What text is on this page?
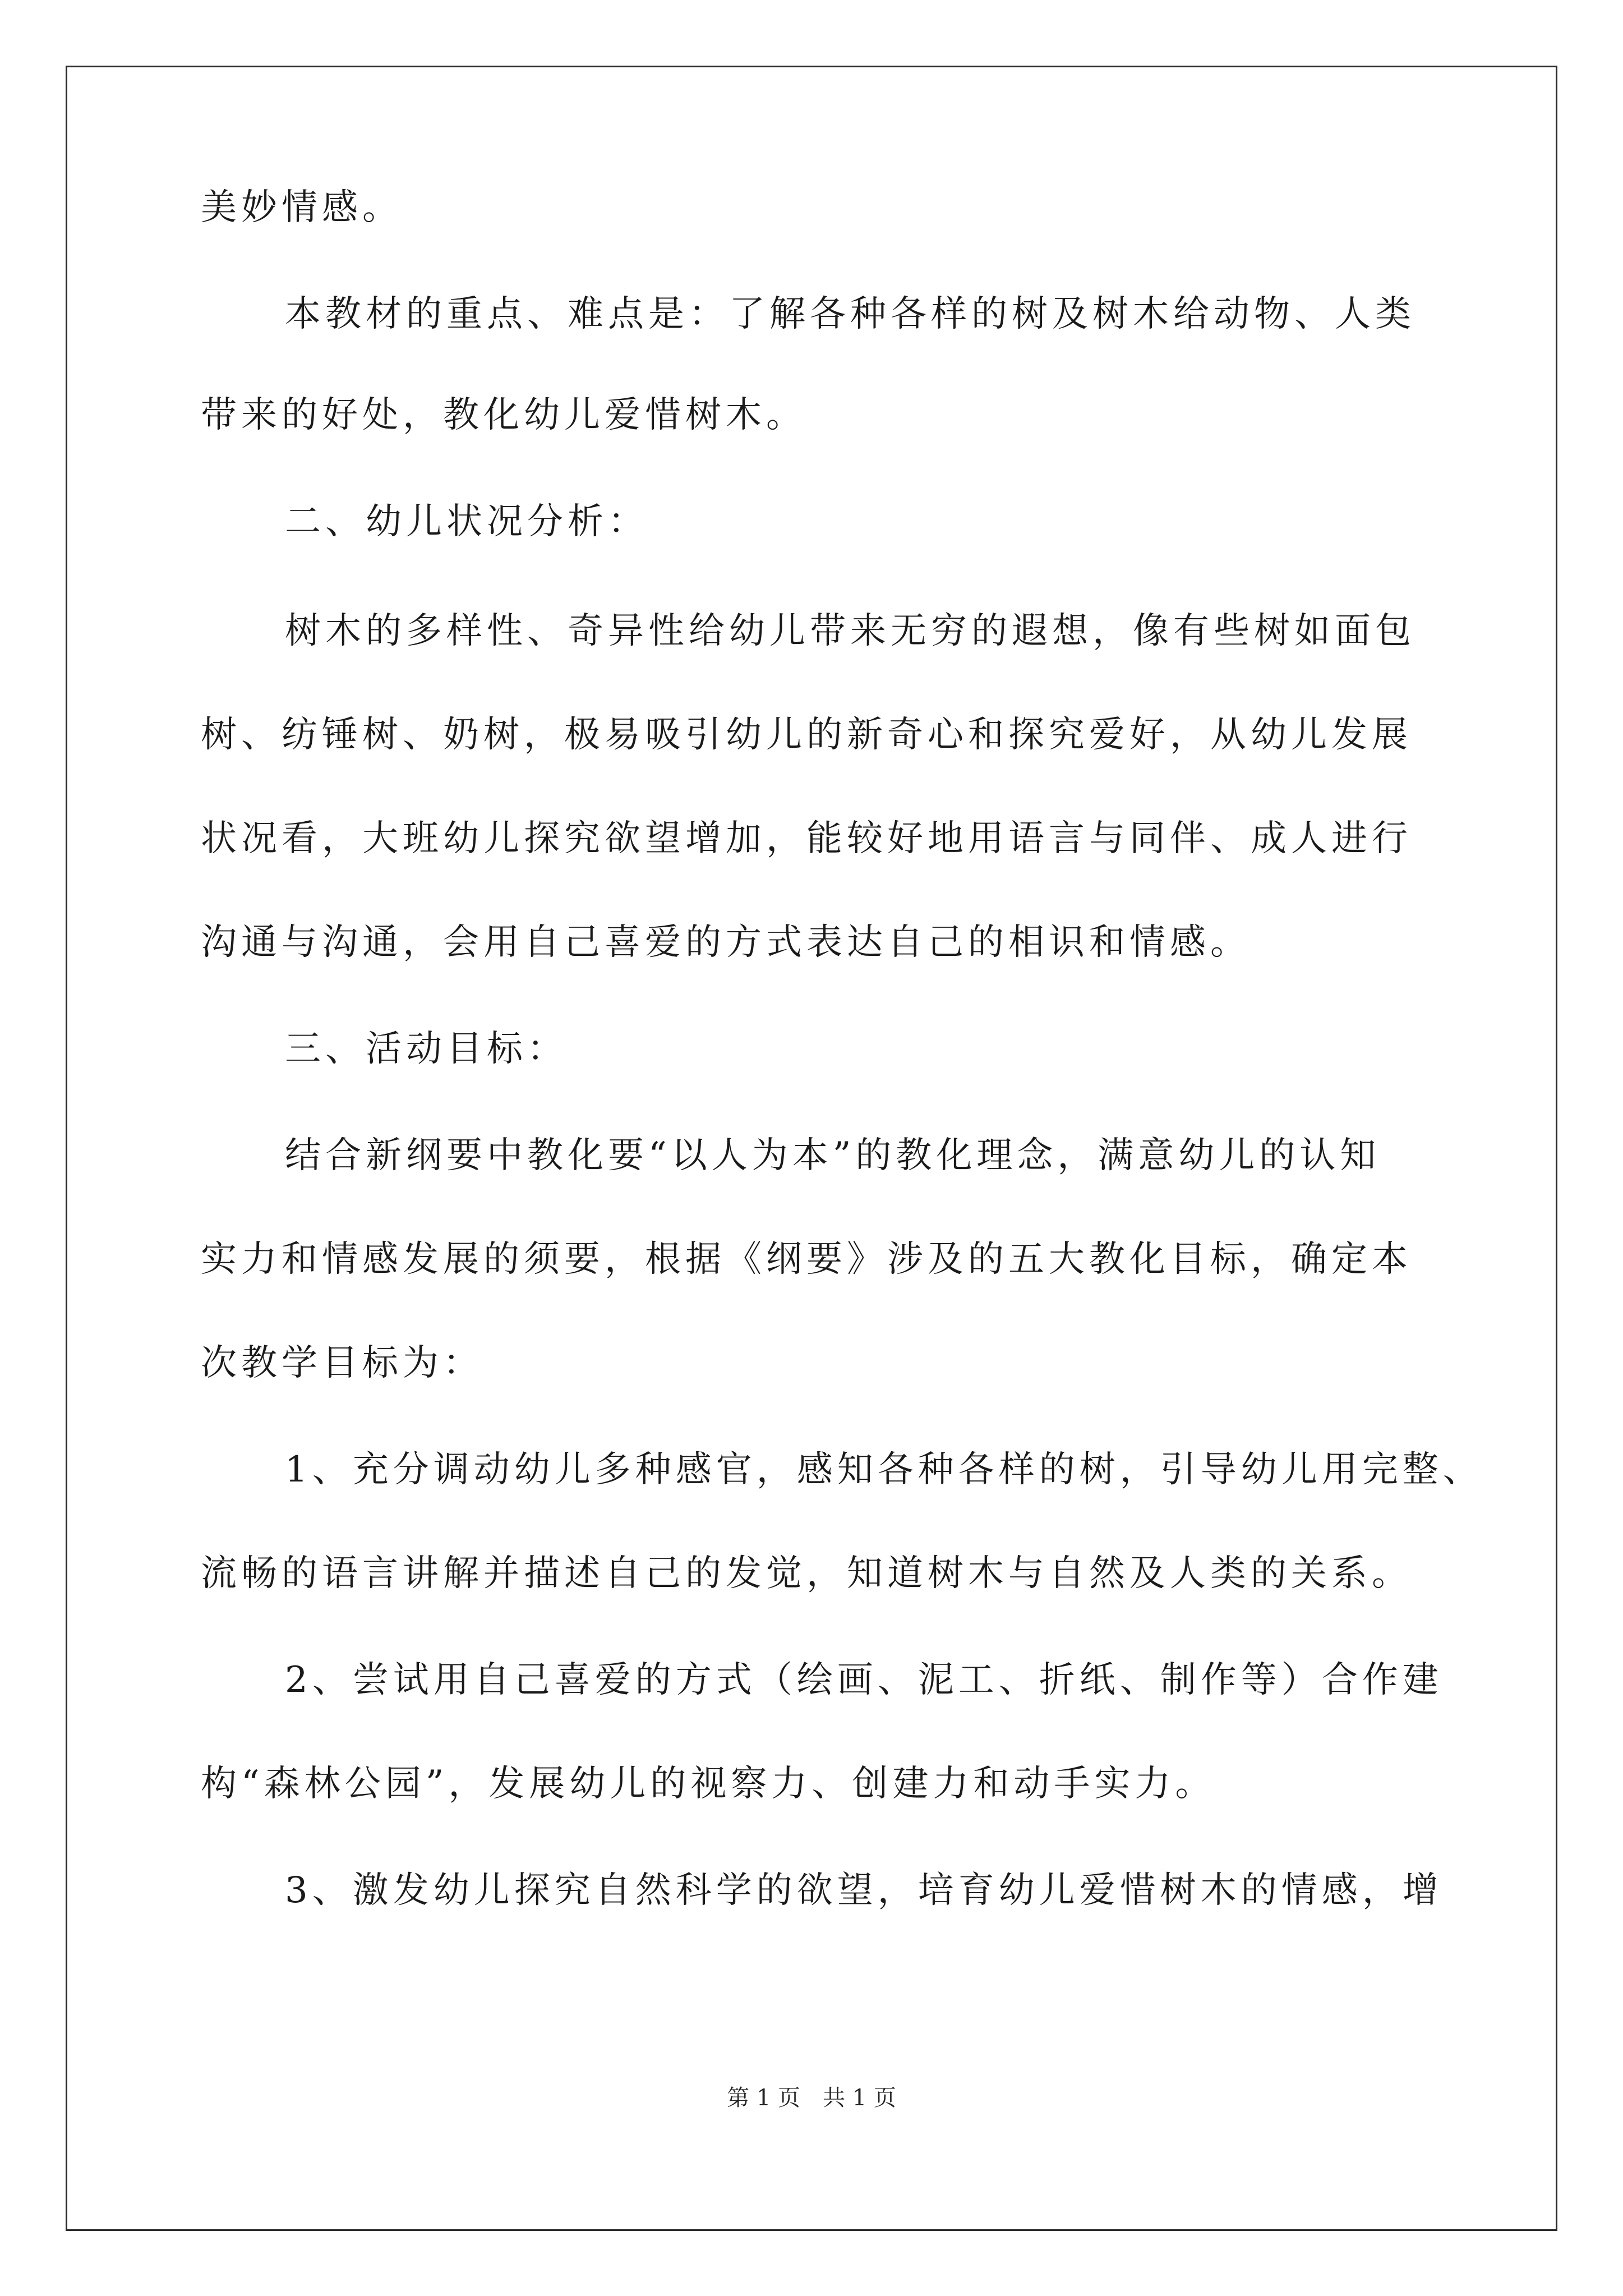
美妙情感。
本教材的重点、难点是：了解各种各样的树及树木给动物、人类
带来的好处，教化幼儿爱惜树木。
二、幼儿状况分析：
树木的多样性、奇异性给幼儿带来无穷的遐想，像有些树如面包
树、纺锤树、奶树，极易吸引幼儿的新奇心和探究爱好，从幼儿发展
状况看，大班幼儿探究欲望增加，能较好地用语言与同伴、成人进行
沟通与沟通，会用自己喜爱的方式表达自己的相识和情感。
三、活动目标：
结合新纲要中教化要“以人为本”的教化理念，满意幼儿的认知
实力和情感发展的须要，根据《纲要》涉及的五大教化目标，确定本
次教学目标为：
1、充分调动幼儿多种感官，感知各种各样的树，引导幼儿用完整、
流畅的语言讲解并描述自己的发觉，知道树木与自然及人类的关系。
2、尝试用自己喜爱的方式（绘画、泥工、折纸、制作等）合作建
构“森林公园”，发展幼儿的视察力、创建力和动手实力。
3、激发幼儿探究自然科学的欲望，培育幼儿爱惜树木的情感，增
第 1 页　共 1 页
